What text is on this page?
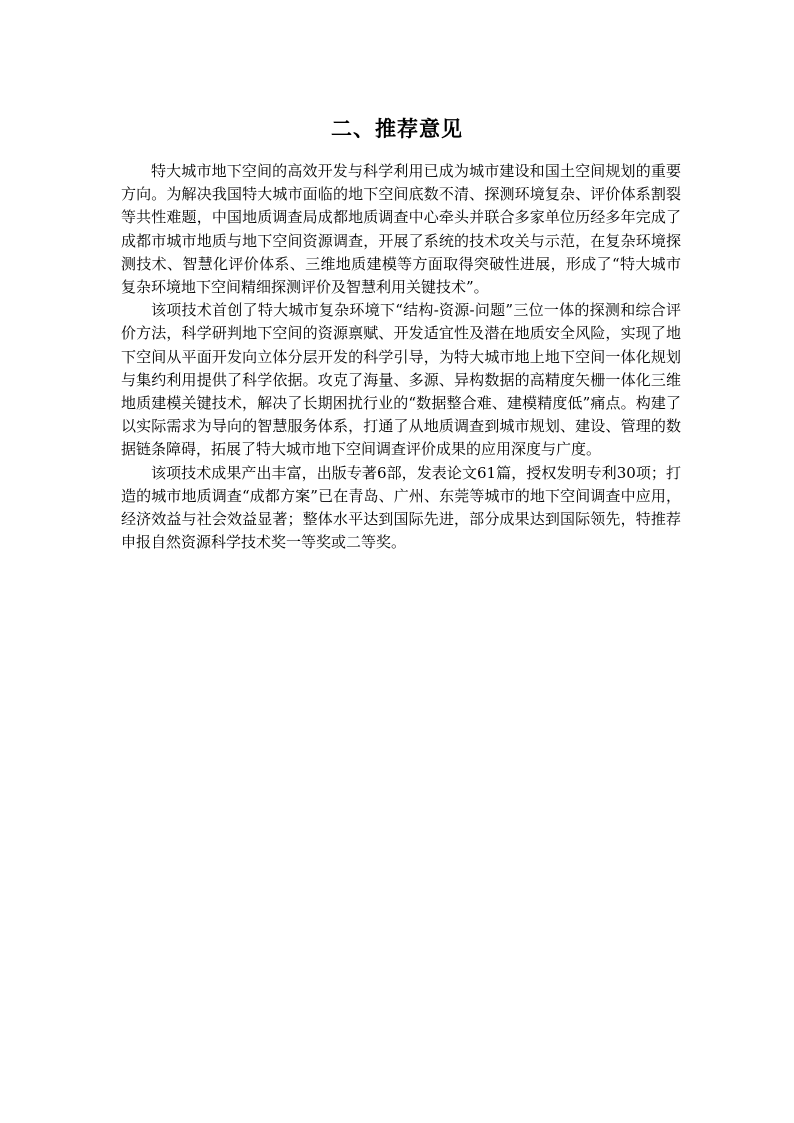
二、推荐意见

特大城市地下空间的高效开发与科学利用已成为城市建设和国土空间规划的重要方向。为解决我国特大城市面临的地下空间底数不清、探测环境复杂、评价体系割裂等共性难题，中国地质调查局成都地质调查中心牵头并联合多家单位历经多年完成了成都市城市地质与地下空间资源调查，开展了系统的技术攻关与示范，在复杂环境探测技术、智慧化评价体系、三维地质建模等方面取得突破性进展，形成了“特大城市复杂环境地下空间精细探测评价及智慧利用关键技术”。

该项技术首创了特大城市复杂环境下“结构-资源-问题”三位一体的探测和综合评价方法，科学研判地下空间的资源禀赋、开发适宜性及潜在地质安全风险，实现了地下空间从平面开发向立体分层开发的科学引导，为特大城市地上地下空间一体化规划与集约利用提供了科学依据。攻克了海量、多源、异构数据的高精度矢栅一体化三维地质建模关键技术，解决了长期困扰行业的“数据整合难、建模精度低”痛点。构建了以实际需求为导向的智慧服务体系，打通了从地质调查到城市规划、建设、管理的数据链条障碍，拓展了特大城市地下空间调查评价成果的应用深度与广度。

该项技术成果产出丰富，出版专著6部，发表论文61篇，授权发明专利30项；打造的城市地质调查“成都方案”已在青岛、广州、东莞等城市的地下空间调查中应用，经济效益与社会效益显著；整体水平达到国际先进，部分成果达到国际领先，特推荐申报自然资源科学技术奖一等奖或二等奖。
